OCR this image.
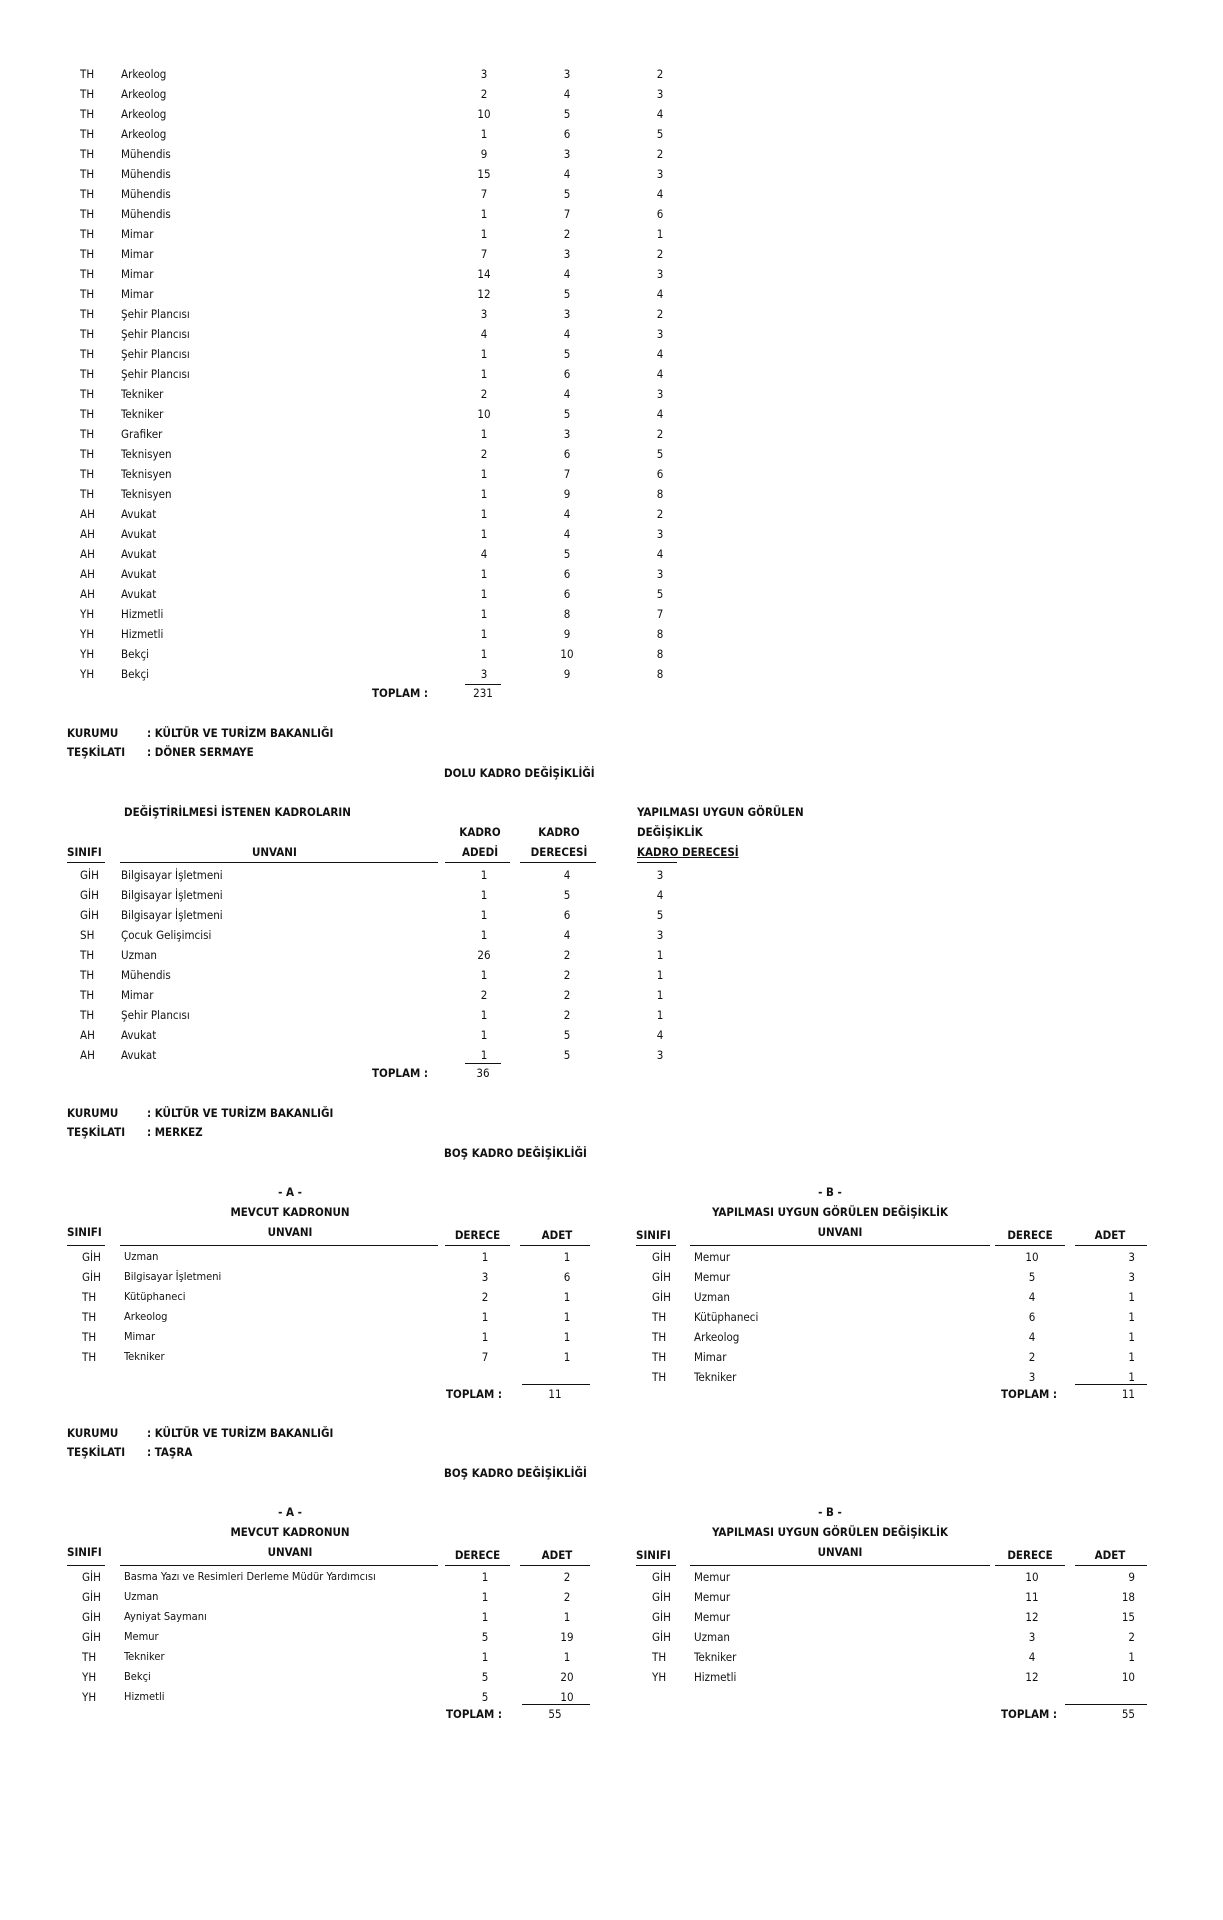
TH Arkeolog	3	3	2
TH Arkeolog	2	4	3
TH Arkeolog	10	5	4
TH Arkeolog	1	6	5
TH Mühendis	9	3	2
TH Mühendis	15	4	3
TH Mühendis	7	5	4
TH Mühendis	1	7	6
TH Mimar	1	2	1
TH Mimar	7	3	2
TH Mimar	14	4	3
TH Mimar	12	5	4
TH Şehir Plancısı	3	3	2
TH Şehir Plancısı	4	4	3
TH Şehir Plancısı	1	5	4
TH Şehir Plancısı	1	6	4
TH Tekniker	2	4	3
TH Tekniker	10	5	4
TH Grafiker	1	3	2
TH Teknisyen	2	6	5
TH Teknisyen	1	7	6
TH Teknisyen	1	9	8
AH Avukat	1	4	2
AH Avukat	1	4	3
AH Avukat	4	5	4
AH Avukat	1	6	3
AH Avukat	1	6	5
YH Hizmetli	1	8	7
YH Hizmetli	1	9	8
YH Bekçi	1	10	8
YH Bekçi	3	9	8
TOPLAM :	231
KURUMU : KÜLTÜR VE TURİZM BAKANLIĞI
TEŞKİLATI : DÖNER SERMAYE
DOLU KADRO DEĞİŞİKLİĞİ
DEĞİŞTİRİLMESİ İSTENEN KADROLARIN	YAPILMASI UYGUN GÖRÜLEN
DEĞİŞİKLİK
KADRO DERECESİ
KADRO
ADEDİ
KADRO
DERECESİ
SINIFI	UNVANI
GİH Bilgisayar İşletmeni	1	4	3
GİH Bilgisayar İşletmeni	1	5	4
GİH Bilgisayar İşletmeni	1	6	5
SH Çocuk Gelişimcisi	1	4	3
TH Uzman	26	2	1
TH Mühendis	1	2	1
TH Mimar	2	2	1
TH Şehir Plancısı	1	2	1
AH Avukat	1	5	4
AH Avukat	1	5	3
TOPLAM :	36
KURUMU : KÜLTÜR VE TURİZM BAKANLIĞI
TEŞKİLATI : MERKEZ
BOŞ KADRO DEĞİŞİKLİĞİ
- A -
MEVCUT KADRONUN
- B -
YAPILMASI UYGUN GÖRÜLEN DEĞİŞİKLİK
SINIFI	UNVANI	DERECE	ADET	SINIFI	UNVANI	DERECE	ADET
GİH Uzman	1	1
GİH Bilgisayar İşletmeni	3	6
TH	Kütüphaneci	2	1
TH	Arkeolog	1	1
TH	Mimar	1	1
TH	Tekniker	7	1
GİH Memur	10	3
GİH Memur	5	3
GİH Uzman	4	1
TH Kütüphaneci	6	1
TH Arkeolog	4	1
TH Mimar	2	1
TH Tekniker	3	1
TOPLAM :	11	TOPLAM :	11
KURUMU : KÜLTÜR VE TURİZM BAKANLIĞI
TEŞKİLATI : TAŞRA
BOŞ KADRO DEĞİŞİKLİĞİ
- A -
MEVCUT KADRONUN
- B -
YAPILMASI UYGUN GÖRÜLEN DEĞİŞİKLİK
SINIFI	UNVANI	DERECE	ADET	SINIFI	UNVANI	DERECE	ADET
GİH Basma Yazı ve Resimleri Derleme Müdür Yardımcısı	1	2
GİH Uzman	1	2
GİH Ayniyat Saymanı	1	1
GİH Memur	5	19
TH	Tekniker	1	1
YH	Bekçi	5	20
YH	Hizmetli	5	10
GİH Memur	10	9
GİH Memur	11	18
GİH Memur	12	15
GİH Uzman	3	2
TH Tekniker	4	1
YH Hizmetli	12	10
TOPLAM :	55	TOPLAM :	55
